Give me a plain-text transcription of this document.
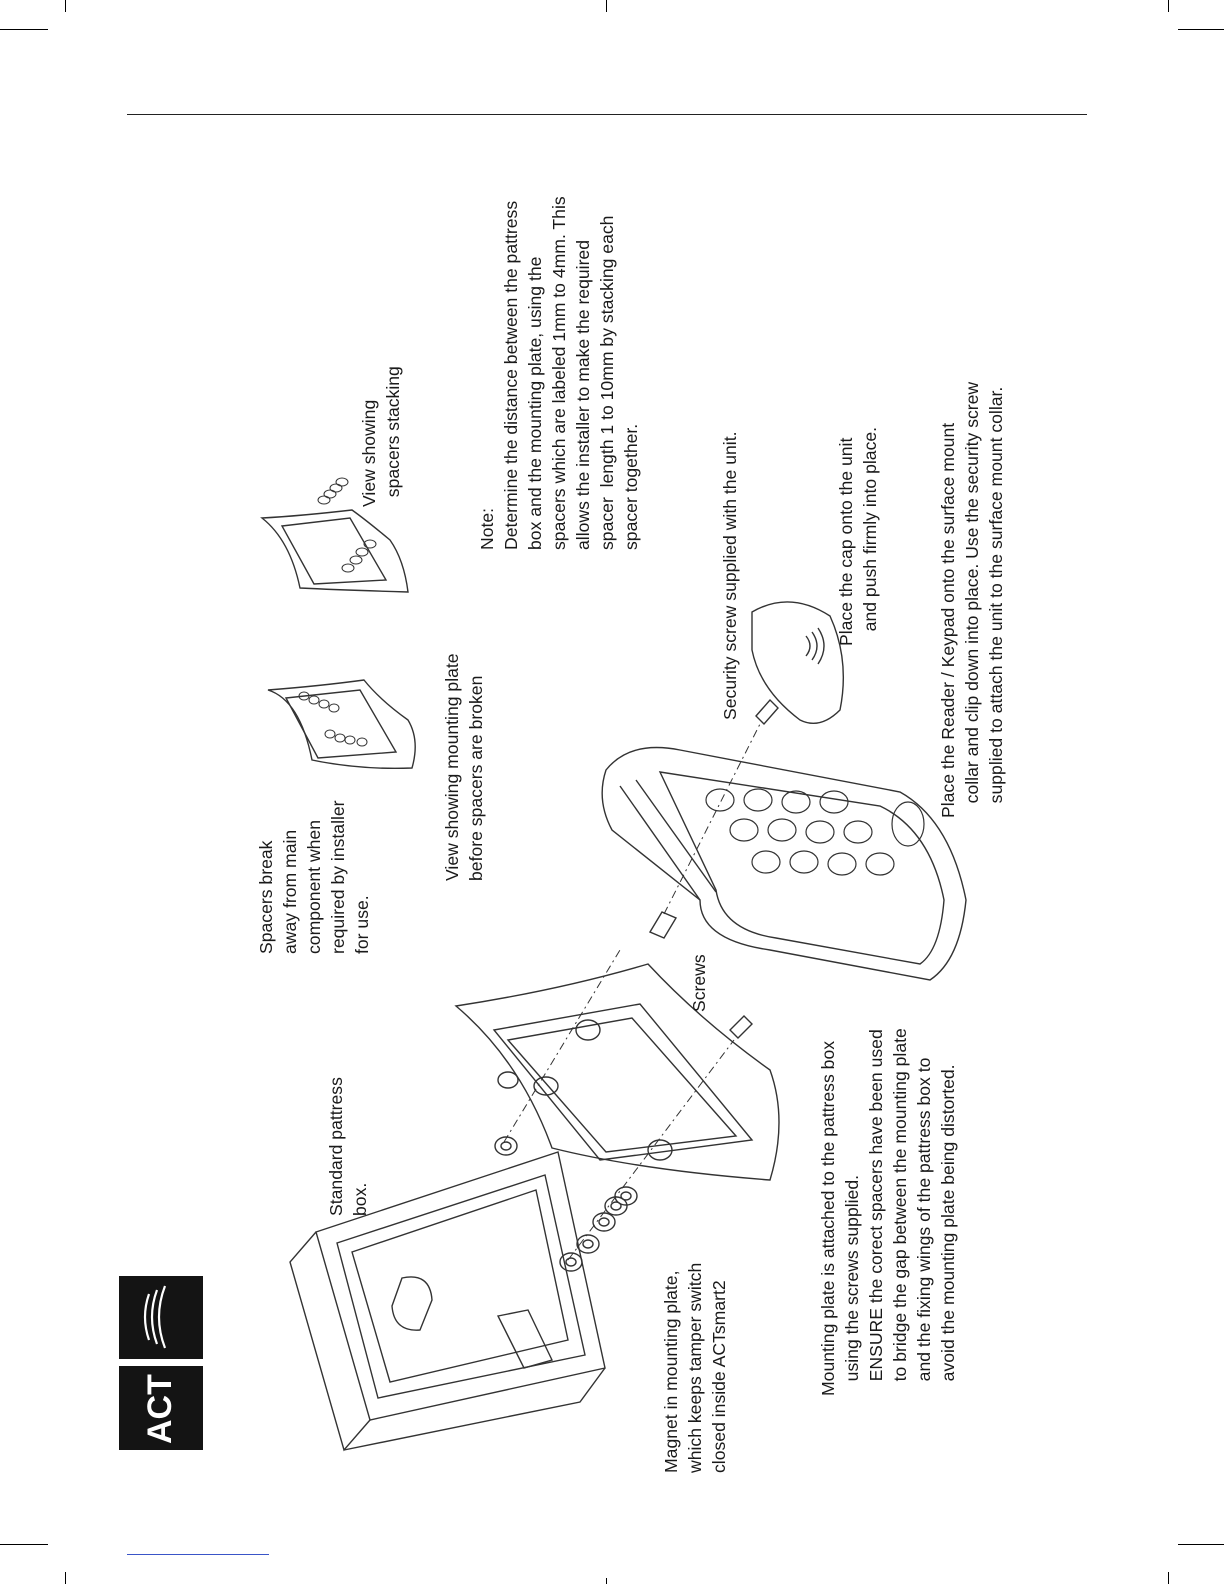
ACT
Standard pattress
box.
Magnet in mounting plate,
which keeps tamper switch
closed inside ACTsmart2	Mounting plate is attached to the pattress box
using the screws supplied.
ENSURE the corect spacers have been used
to bridge the gap between the mounting plate
and the fixing wings of the pattress box to
avoid the mounting plate being distorted.
Screws
Spacers break
away from main
component when
required by installer
for use.
View showing mounting plate
before spacers are broken
View showing
spacers stacking
Note:
Determine the distance between the pattress
box and the mounting plate, using the
spacers which are labeled 1mm to 4mm. This
allows the installer to make the required
spacer  length 1 to 10mm by stacking each
spacer together.	Security screw supplied with the unit.	Place the cap onto the unit
and push firmly into place.
Place the Reader / Keypad onto the surface mount
collar and clip down into place. Use the security screw
supplied to attach the unit to the surface mount collar.
